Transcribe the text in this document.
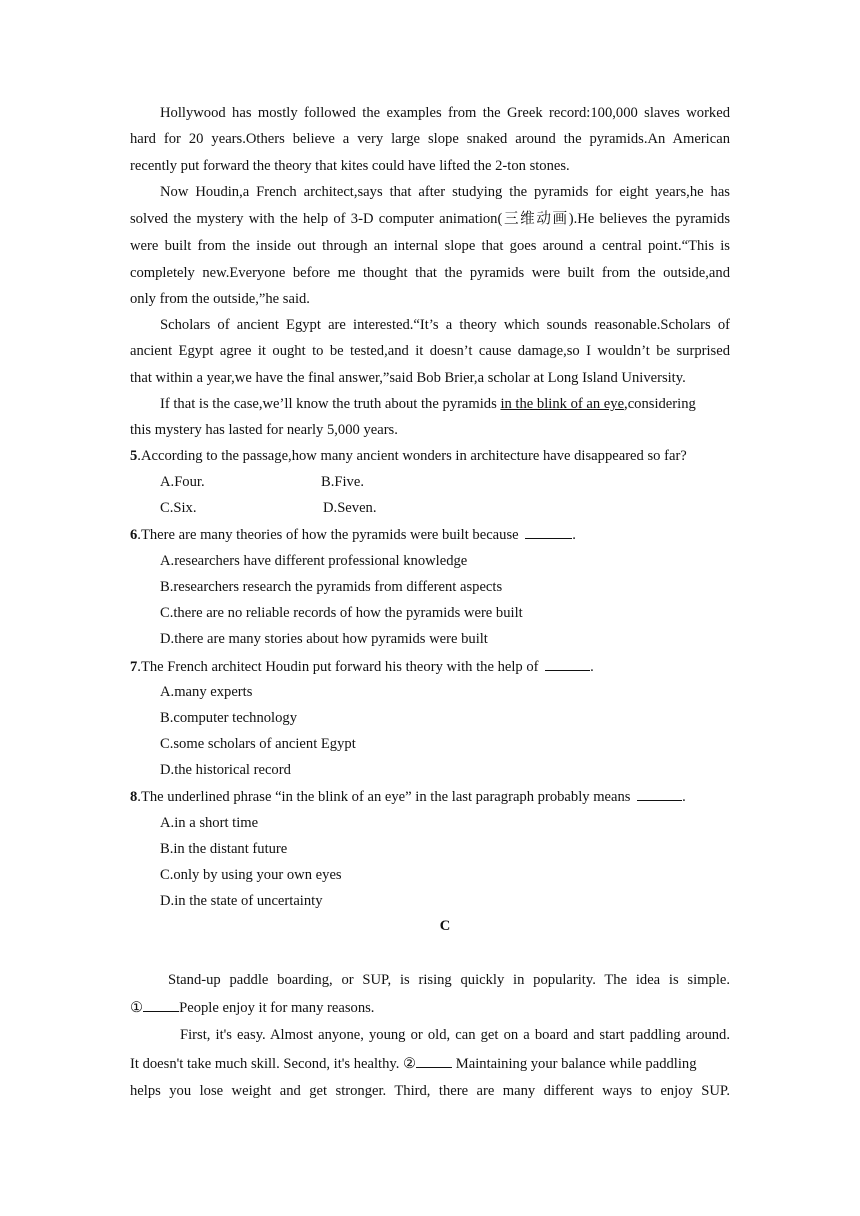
Hollywood has mostly followed the examples from the Greek record:100,000 slaves worked
hard for 20 years.Others believe a very large slope snaked around the pyramids.An American
recently put forward the theory that kites could have lifted the 2-ton stones.
Now Houdin,a French architect,says that after studying the pyramids for eight years,he has
solved the mystery with the help of 3-D computer animation(三维动画).He believes the pyramids
were built from the inside out through an internal slope that goes around a central point.“This is
completely new.Everyone before me thought that the pyramids were built from the outside,and
only from the outside,”he said.
Scholars of ancient Egypt are interested.“It’s a theory which sounds reasonable.Scholars of
ancient Egypt agree it ought to be tested,and it doesn’t cause damage,so I wouldn’t be surprised
that within a year,we have the final answer,”said Bob Brier,a scholar at Long Island University.
If that is the case,we’ll know the truth about the pyramids in the blink of an eye,considering
this mystery has lasted for nearly 5,000 years.
5.According to the passage,how many ancient wonders in architecture have disappeared so far?
A.Four.	B.Five.
C.Six.	D.Seven.
6.There are many theories of how the pyramids were built because	.
A.researchers have different professional knowledge
B.researchers research the pyramids from different aspects
C.there are no reliable records of how the pyramids were built
D.there are many stories about how pyramids were built
7.The French architect Houdin put forward his theory with the help of	.
A.many experts
B.computer technology
C.some scholars of ancient Egypt
D.the historical record
8.The underlined phrase “in the blink of an eye” in the last paragraph probably means	.
A.in a short time
B.in the distant future
C.only by using your own eyes
D.in the state of uncertainty
C
Stand-up paddle boarding, or SUP, is rising quickly in popularity. The idea is simple.
① People enjoy it for many reasons.
First, it's easy. Almost anyone, young or old, can get on a board and start paddling around.
It doesn't take much skill. Second, it's healthy. ② Maintaining your balance while paddling
helps you lose weight and get stronger. Third, there are many different ways to enjoy SUP.
